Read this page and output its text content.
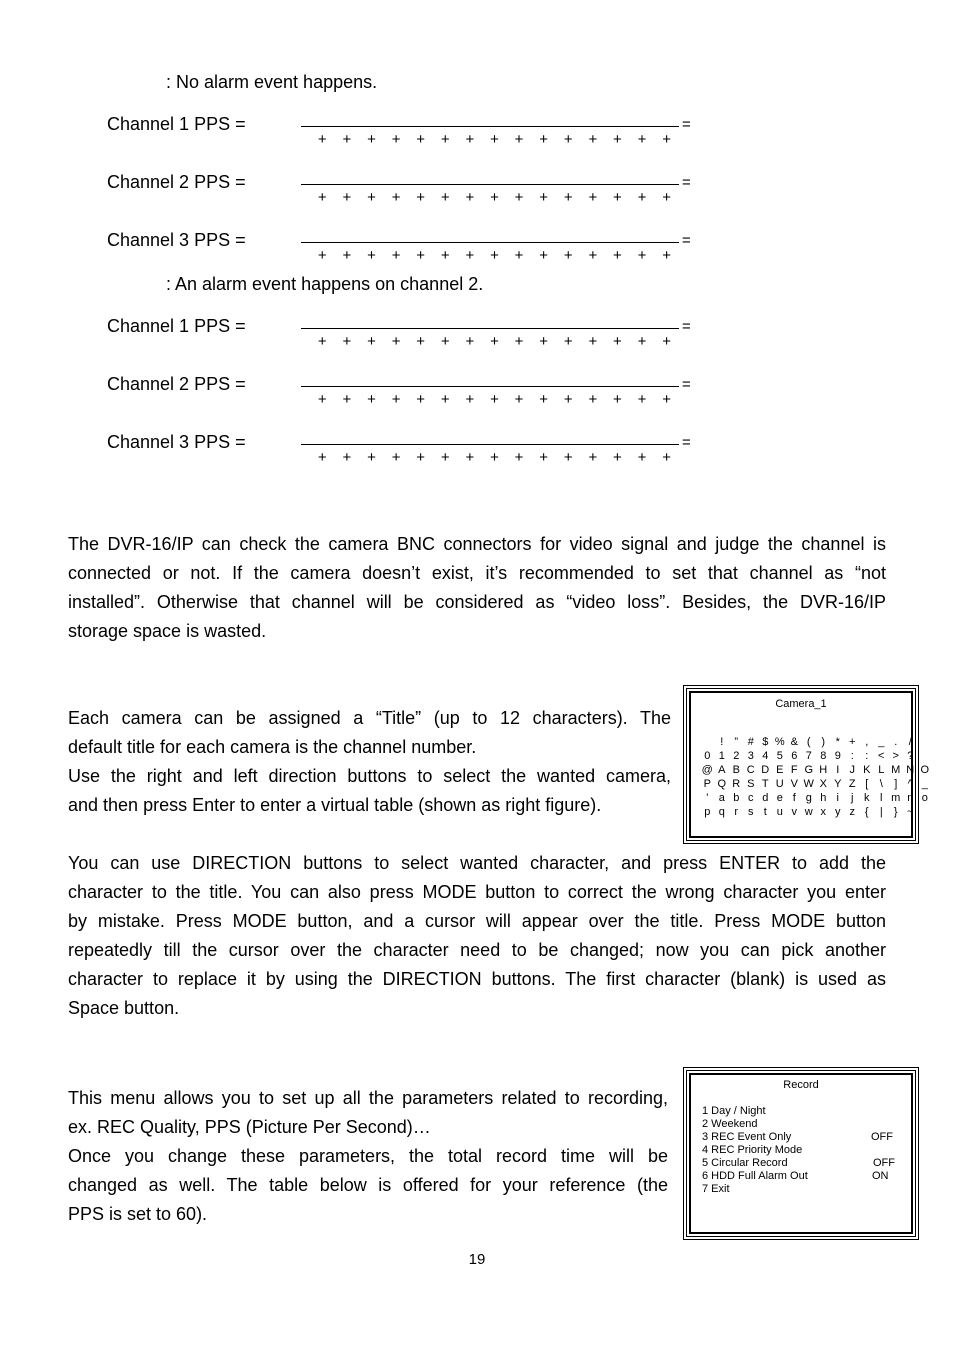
: No alarm event happens.
Channel 1 PPS =	=
+	+	+	+	+	+	+	+	+	+	+	+	+	+	+
Channel 2 PPS =	=
+	+	+	+	+	+	+	+	+	+	+	+	+	+	+
Channel 3 PPS =	=
+	+	+	+	+	+	+	+	+	+	+	+	+	+	+
: An alarm event happens on channel 2.
Channel 1 PPS =	=
+	+	+	+	+	+	+	+	+	+	+	+	+	+	+
Channel 2 PPS =	=
+	+	+	+	+	+	+	+	+	+	+	+	+	+	+
Channel 3 PPS =	=
+	+	+	+	+	+	+	+	+	+	+	+	+	+	+
The DVR-16/IP can check the camera BNC connectors for video signal and judge the channel is
connected or not. If the camera doesn’t exist, it’s recommended to set that channel as “not
installed”. Otherwise that channel will be considered as “video loss”. Besides, the DVR-16/IP
storage space is wasted.
Each camera can be assigned a “Title” (up to 12 characters). The
default title for each camera is the channel number.
Use the right and left direction buttons to select the wanted camera,
and then press Enter to enter a virtual table (shown as right figure).
Camera_1
!	” # $ % & ( ) * + , _ .	/
0 1 2 3 4 5 6 7 8 9 :	: < > ?
@ A B C D E F G H I J K L M N O
P Q R S T U V W X Y Z [	\	] ^ _
' a b c d e f g h i	j k l m n o
p q r s t u v w x y z {	|	} ~
You can use DIRECTION buttons to select wanted character, and press ENTER to add the
character to the title. You can also press MODE button to correct the wrong character you enter
by mistake. Press MODE button, and a cursor will appear over the title. Press MODE button
repeatedly till the cursor over the character need to be changed; now you can pick another
character to replace it by using the DIRECTION buttons. The first character (blank) is used as
Space button.
This menu allows you to set up all the parameters related to recording,
ex. REC Quality, PPS (Picture Per Second)…
Once you change these parameters, the total record time will be
changed as well. The table below is offered for your reference (the
PPS is set to 60).
Record
1 Day / Night
2 Weekend
3 REC Event Only	OFF
4 REC Priority Mode
5 Circular Record	OFF
6 HDD Full Alarm Out	ON
7 Exit
19
